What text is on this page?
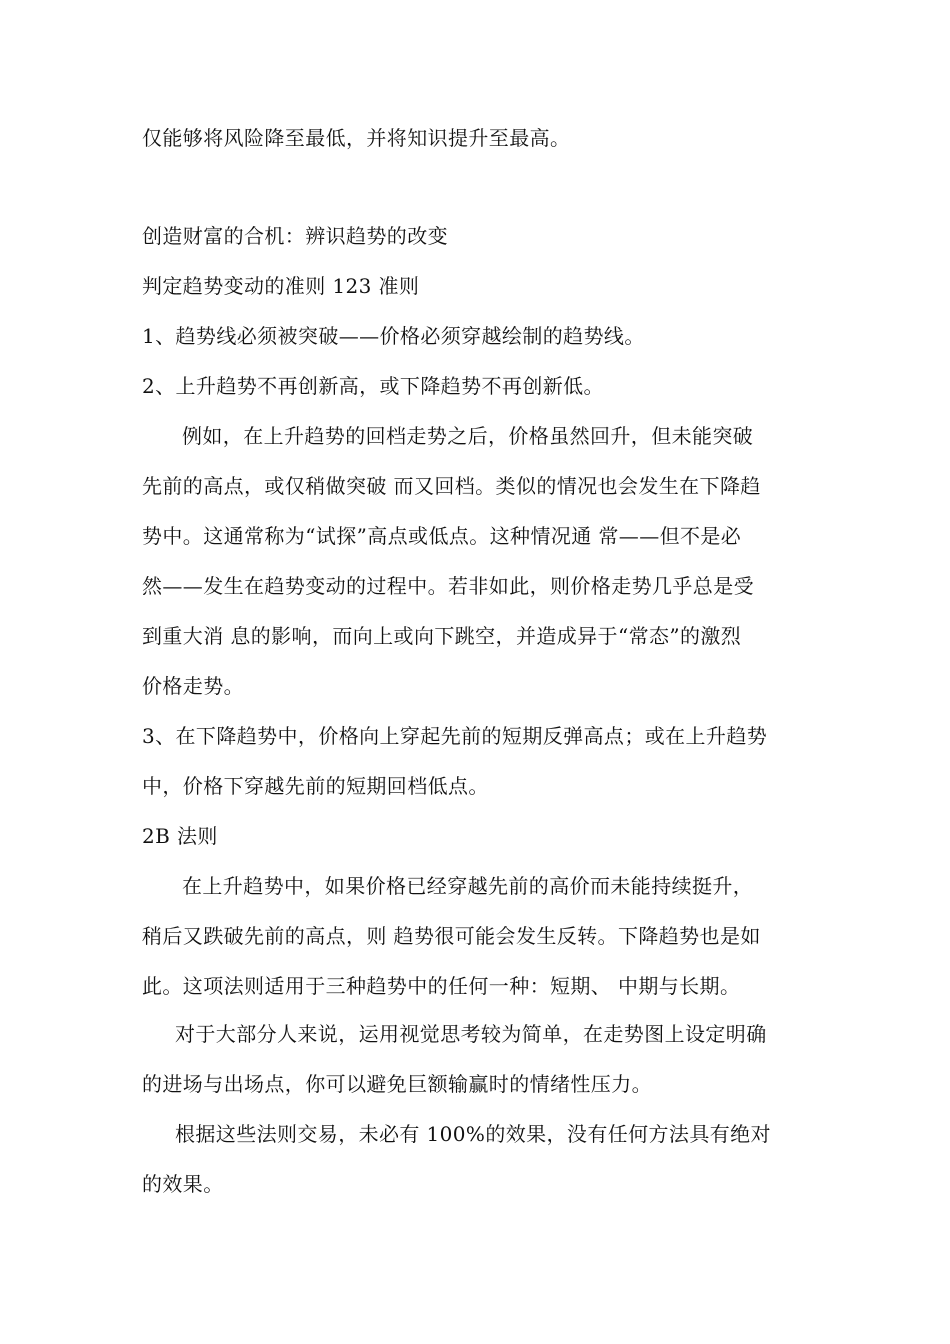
仅能够将风险降至最低，并将知识提升至最高。
创造财富的合机：辨识趋势的改变
判定趋势变动的准则 123 准则
1、趋势线必须被突破——价格必须穿越绘制的趋势线。
2、上升趋势不再创新高，或下降趋势不再创新低。
例如，在上升趋势的回档走势之后，价格虽然回升，但未能突破
先前的高点，或仅稍做突破 而又回档。类似的情况也会发生在下降趋
势中。这通常称为“试探”高点或低点。这种情况通 常——但不是必
然——发生在趋势变动的过程中。若非如此，则价格走势几乎总是受
到重大消 息的影响，而向上或向下跳空，并造成异于“常态”的激烈
价格走势。
3、在下降趋势中，价格向上穿起先前的短期反弹高点；或在上升趋势
中，价格下穿越先前的短期回档低点。
2B 法则
在上升趋势中，如果价格已经穿越先前的高价而未能持续挺升，
稍后又跌破先前的高点，则 趋势很可能会发生反转。下降趋势也是如
此。这项法则适用于三种趋势中的任何一种：短期、 中期与长期。
对于大部分人来说，运用视觉思考较为简单，在走势图上设定明确
的进场与出场点，你可以避免巨额输赢时的情绪性压力。
根据这些法则交易，未必有 100%的效果，没有任何方法具有绝对
的效果。
